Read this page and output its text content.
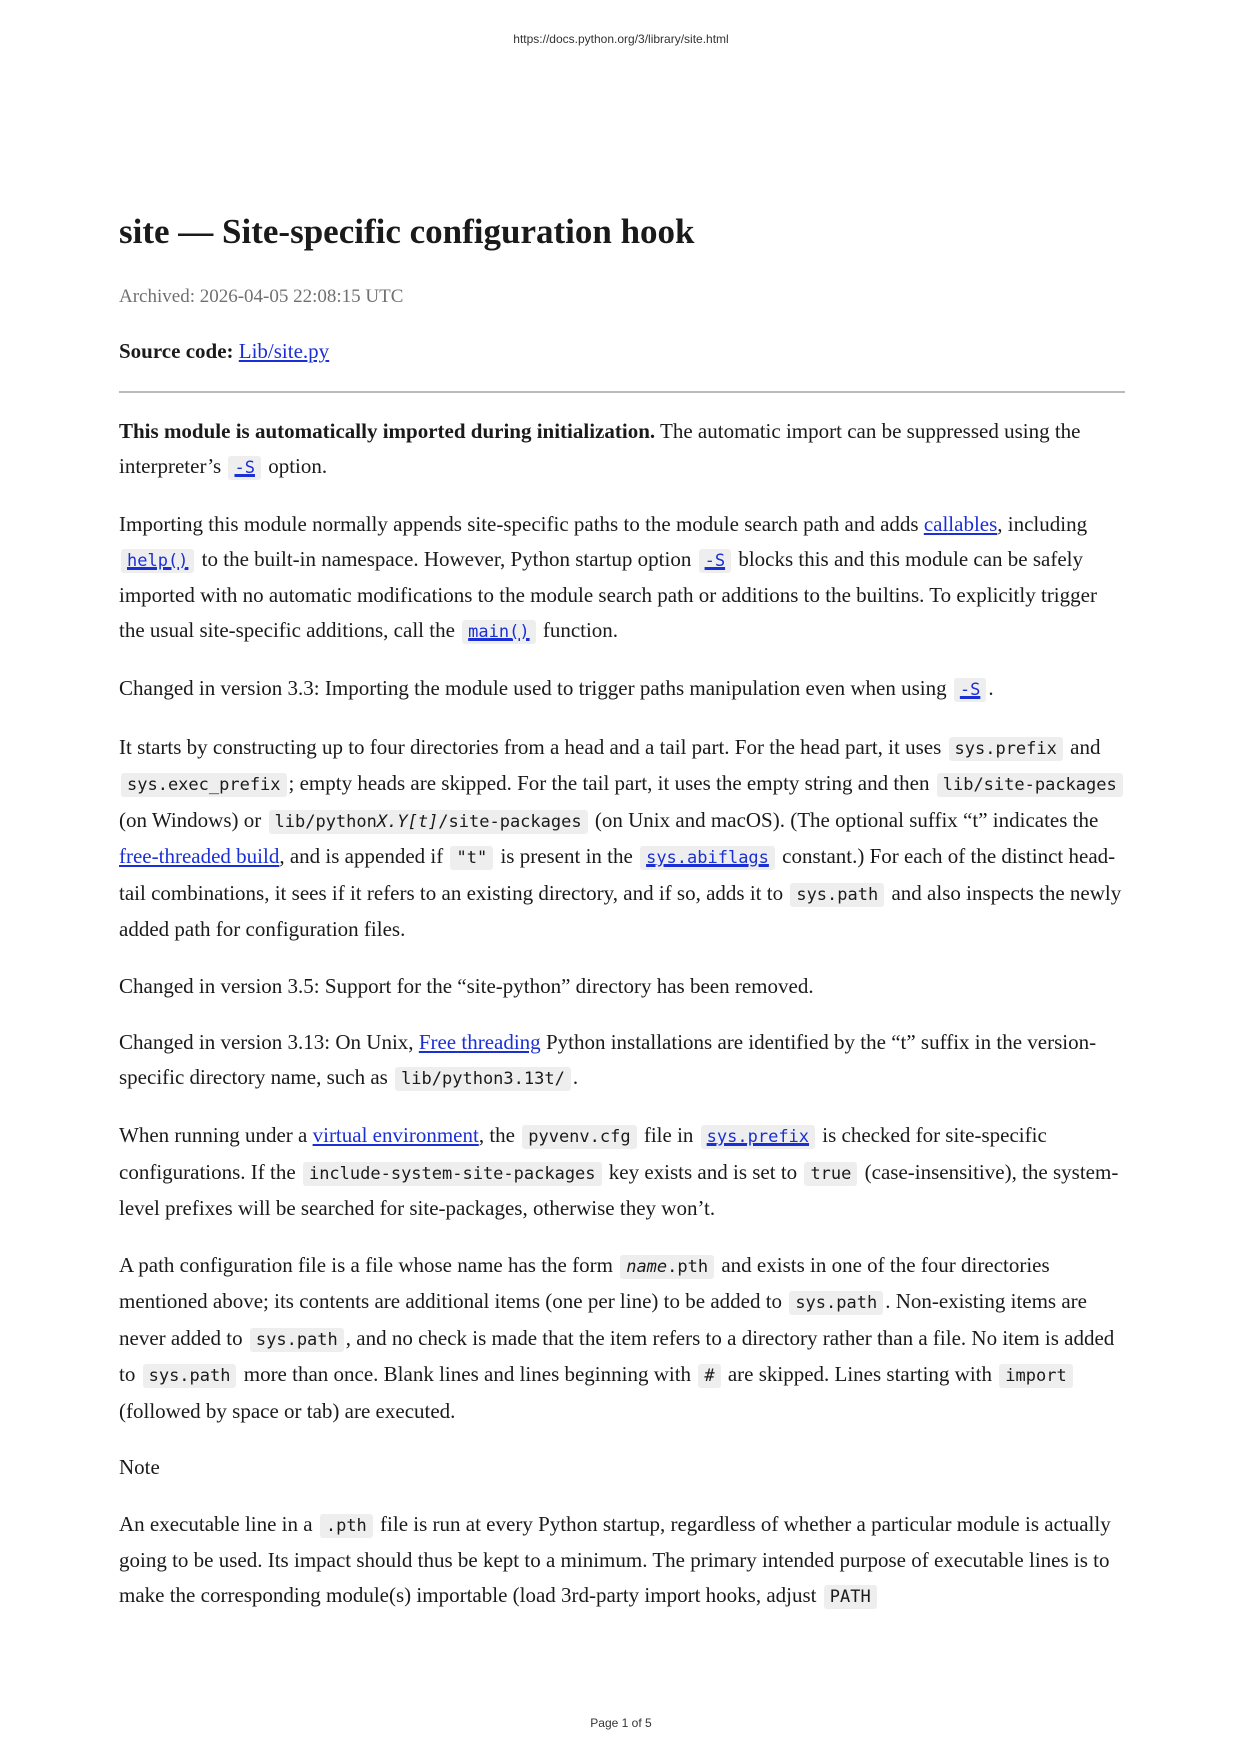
https://docs.python.org/3/library/site.html
site — Site-specific configuration hook
Archived: 2026-04-05 22:08:15 UTC
Source code: Lib/site.py

This module is automatically imported during initialization. The automatic import can be suppressed using the interpreter’s -S option.

Importing this module normally appends site-specific paths to the module search path and adds callables, including help() to the built-in namespace. However, Python startup option -S blocks this and this module can be safely imported with no automatic modifications to the module search path or additions to the builtins. To explicitly trigger the usual site-specific additions, call the main() function.

Changed in version 3.3: Importing the module used to trigger paths manipulation even when using -S .

It starts by constructing up to four directories from a head and a tail part. For the head part, it uses sys.prefix and sys.exec_prefix ; empty heads are skipped. For the tail part, it uses the empty string and then lib/site-packages (on Windows) or lib/pythonX.Y[t]/site-packages (on Unix and macOS). (The optional suffix “t” indicates the free-threaded build, and is appended if "t" is present in the sys.abiflags constant.) For each of the distinct head-tail combinations, it sees if it refers to an existing directory, and if so, adds it to sys.path and also inspects the newly added path for configuration files.

Changed in version 3.5: Support for the “site-python” directory has been removed.

Changed in version 3.13: On Unix, Free threading Python installations are identified by the “t” suffix in the version-specific directory name, such as lib/python3.13t/ .

When running under a virtual environment, the pyvenv.cfg file in sys.prefix is checked for site-specific configurations. If the include-system-site-packages key exists and is set to true (case-insensitive), the system-level prefixes will be searched for site-packages, otherwise they won’t.

A path configuration file is a file whose name has the form name.pth and exists in one of the four directories mentioned above; its contents are additional items (one per line) to be added to sys.path . Non-existing items are never added to sys.path , and no check is made that the item refers to a directory rather than a file. No item is added to sys.path more than once. Blank lines and lines beginning with # are skipped. Lines starting with import (followed by space or tab) are executed.

Note

An executable line in a .pth file is run at every Python startup, regardless of whether a particular module is actually going to be used. Its impact should thus be kept to a minimum. The primary intended purpose of executable lines is to make the corresponding module(s) importable (load 3rd-party import hooks, adjust PATH

Page 1 of 5
